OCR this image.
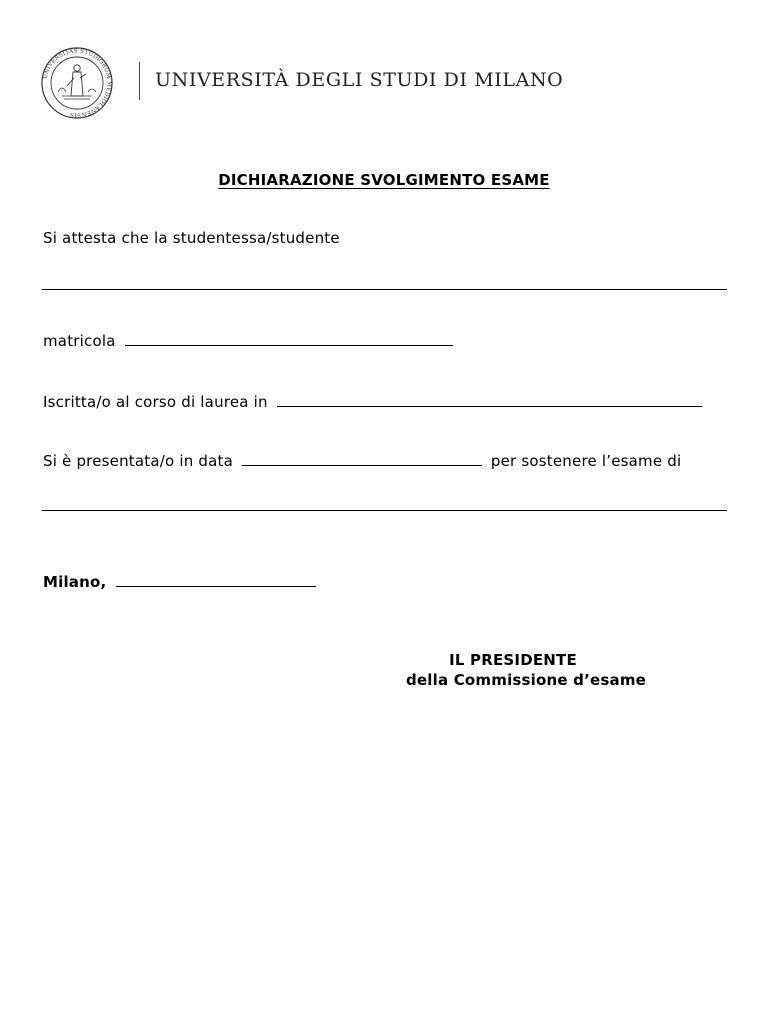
UNIVERSITAS STUDIORUM MEDIOLANENSIS
UNIVERSITÀ DEGLI STUDI DI MILANO
DICHIARAZIONE SVOLGIMENTO ESAME
Si attesta che la studentessa/studente
matricola
Iscritta/o al corso di laurea in
Si è presentata/o in data	per sostenere l’esame di
Milano,
IL PRESIDENTE
della Commissione d’esame
